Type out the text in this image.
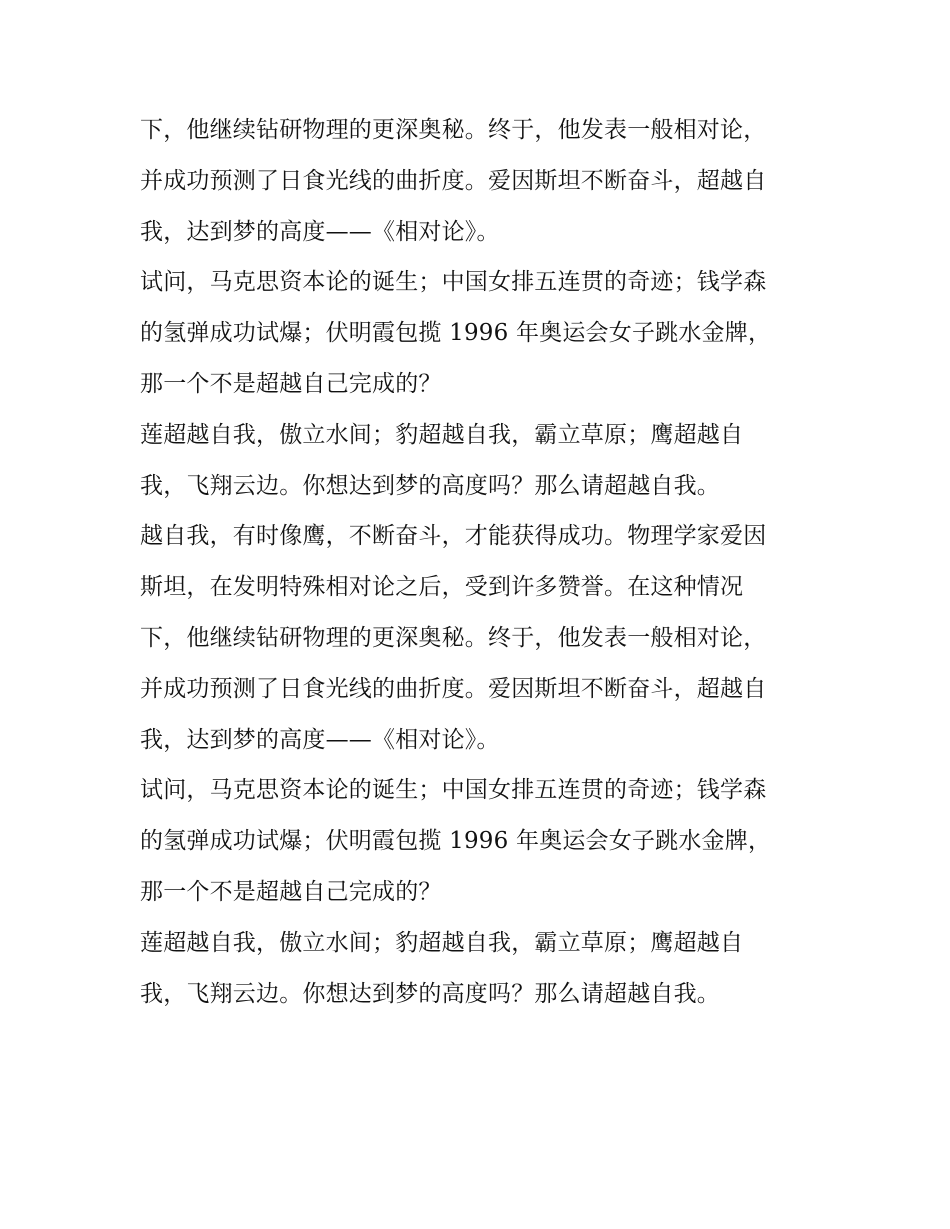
下，他继续钻研物理的更深奥秘。终于，他发表一般相对论，
并成功预测了日食光线的曲折度。爱因斯坦不断奋斗，超越自
我，达到梦的高度——《相对论》。
试问，马克思资本论的诞生；中国女排五连贯的奇迹；钱学森
的氢弹成功试爆；伏明霞包揽 1996 年奥运会女子跳水金牌，
那一个不是超越自己完成的？
莲超越自我，傲立水间；豹超越自我，霸立草原；鹰超越自
我，飞翔云边。你想达到梦的高度吗？那么请超越自我。
越自我，有时像鹰，不断奋斗，才能获得成功。物理学家爱因
斯坦，在发明特殊相对论之后，受到许多赞誉。在这种情况
下，他继续钻研物理的更深奥秘。终于，他发表一般相对论，
并成功预测了日食光线的曲折度。爱因斯坦不断奋斗，超越自
我，达到梦的高度——《相对论》。
试问，马克思资本论的诞生；中国女排五连贯的奇迹；钱学森
的氢弹成功试爆；伏明霞包揽 1996 年奥运会女子跳水金牌，
那一个不是超越自己完成的？
莲超越自我，傲立水间；豹超越自我，霸立草原；鹰超越自
我，飞翔云边。你想达到梦的高度吗？那么请超越自我。
